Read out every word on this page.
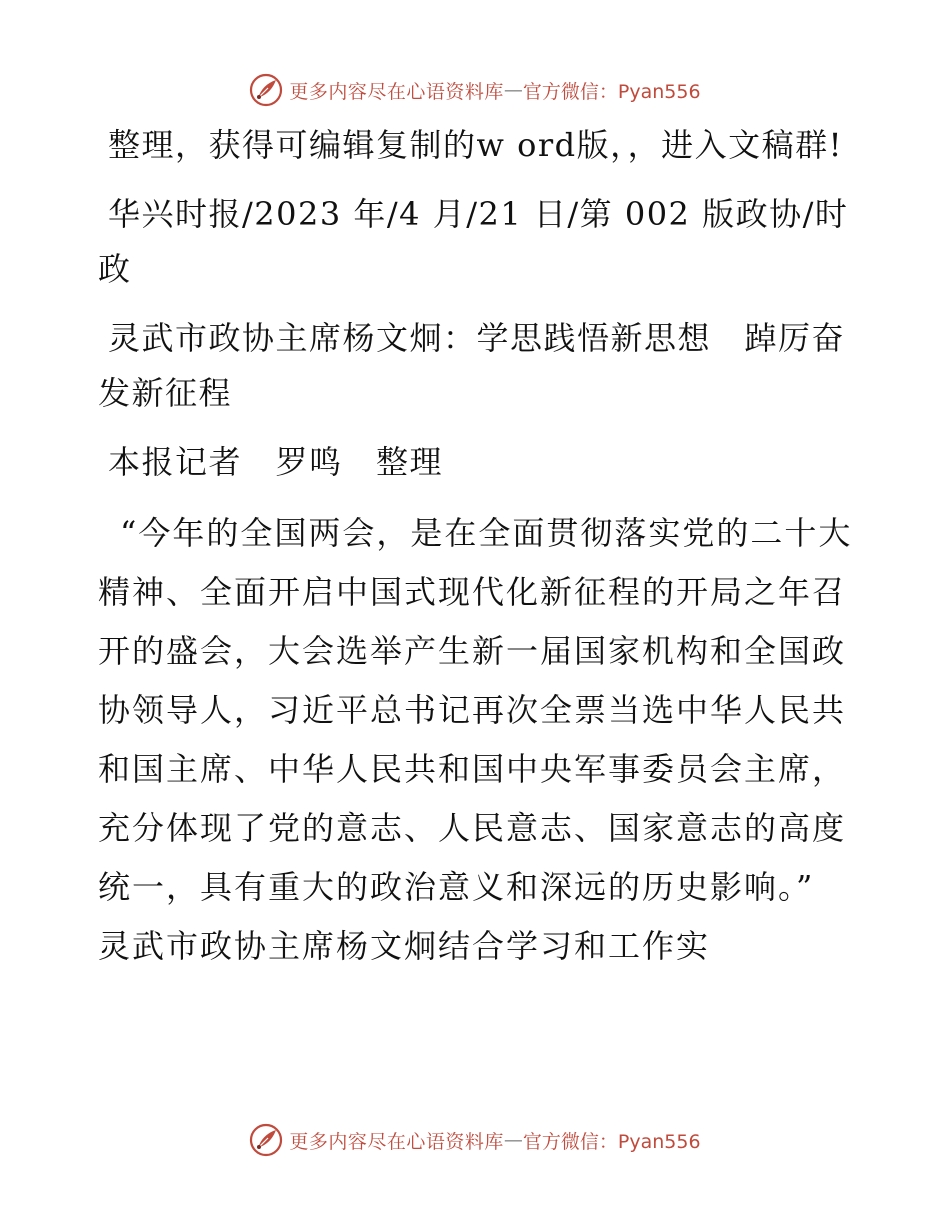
更多内容尽在心语资料库 — 官方微信：Pyan556

整理，获得可编辑复制的w ord版，，进入文稿群!

华兴时报/2023 年/4 月/21 日/第 002 版政协/时政

灵武市政协主席杨文炯：学思践悟新思想　踔厉奋发新征程

本报记者　罗鸣　整理

“今年的全国两会，是在全面贯彻落实党的二十大精神、全面开启中国式现代化新征程的开局之年召开的盛会，大会选举产生新一届国家机构和全国政协领导人，习近平总书记再次全票当选中华人民共和国主席、中华人民共和国中央军事委员会主席，充分体现了党的意志、人民意志、国家意志的高度统一，具有重大的政治意义和深远的历史影响。” 灵武市政协主席杨文炯结合学习和工作实

更多内容尽在心语资料库 — 官方微信：Pyan556
